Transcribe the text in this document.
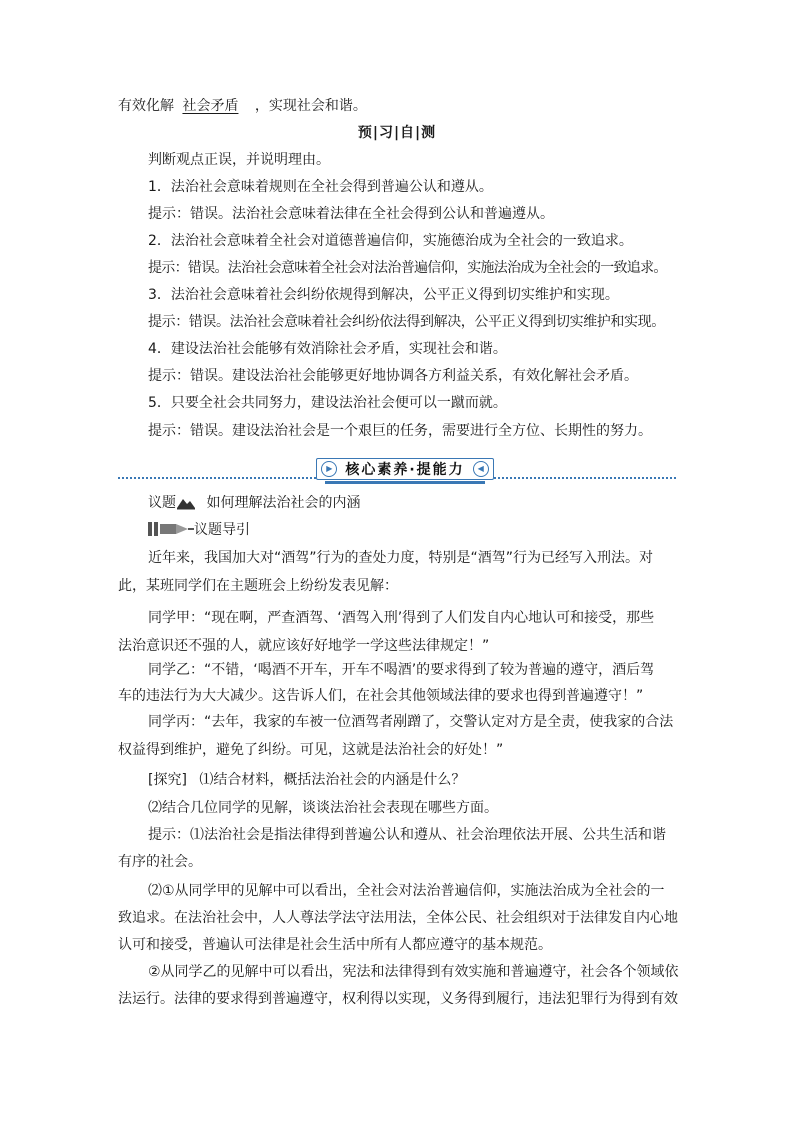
有效化解 社会矛盾 ，实现社会和谐。
预|习|自|测
判断观点正误，并说明理由。
1．法治社会意味着规则在全社会得到普遍公认和遵从。
提示：错误。法治社会意味着法律在全社会得到公认和普遍遵从。
2．法治社会意味着全社会对道德普遍信仰，实施德治成为全社会的一致追求。
提示：错误。法治社会意味着全社会对法治普遍信仰，实施法治成为全社会的一致追求。
3．法治社会意味着社会纠纷依规得到解决，公平正义得到切实维护和实现。
提示：错误。法治社会意味着社会纠纷依法得到解决，公平正义得到切实维护和实现。
4．建设法治社会能够有效消除社会矛盾，实现社会和谐。
提示：错误。建设法治社会能够更好地协调各方利益关系，有效化解社会矛盾。
5．只要全社会共同努力，建设法治社会便可以一蹴而就。
提示：错误。建设法治社会是一个艰巨的任务，需要进行全方位、长期性的努力。
▶ 核心素养·提能力	◀
议题 如何理解法治社会的内涵
议题导引
近年来，我国加大对“酒驾”行为的查处力度，特别是“酒驾”行为已经写入刑法。对
此，某班同学们在主题班会上纷纷发表见解：
同学甲：“现在啊，严查酒驾、‘酒驾入刑’得到了人们发自内心地认可和接受，那些
法治意识还不强的人，就应该好好地学一学这些法律规定！”
同学乙：“不错，‘喝酒不开车，开车不喝酒’的要求得到了较为普遍的遵守，酒后驾
车的违法行为大大减少。这告诉人们，在社会其他领域法律的要求也得到普遍遵守！”
同学丙：“去年，我家的车被一位酒驾者剐蹭了，交警认定对方是全责，使我家的合法
权益得到维护，避免了纠纷。可见，这就是法治社会的好处！”
[探究] ⑴结合材料，概括法治社会的内涵是什么？
⑵结合几位同学的见解，谈谈法治社会表现在哪些方面。
提示：⑴法治社会是指法律得到普遍公认和遵从、社会治理依法开展、公共生活和谐
有序的社会。
⑵①从同学甲的见解中可以看出，全社会对法治普遍信仰，实施法治成为全社会的一
致追求。在法治社会中，人人尊法学法守法用法，全体公民、社会组织对于法律发自内心地
认可和接受，普遍认可法律是社会生活中所有人都应遵守的基本规范。
②从同学乙的见解中可以看出，宪法和法律得到有效实施和普遍遵守，社会各个领域依
法运行。法律的要求得到普遍遵守，权利得以实现，义务得到履行，违法犯罪行为得到有效
